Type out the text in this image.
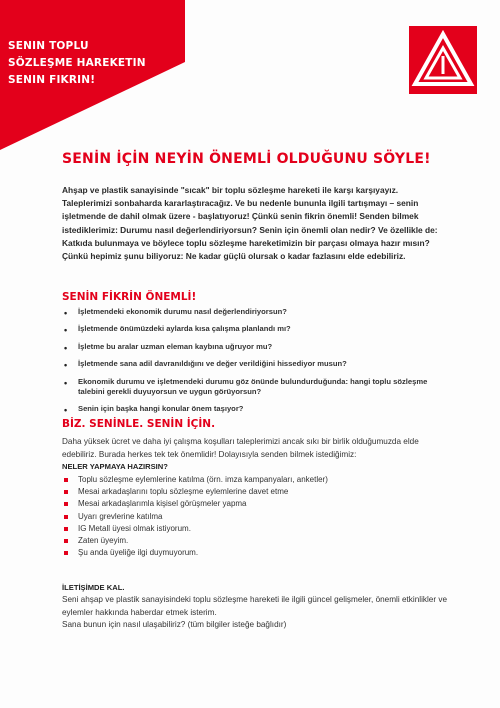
SENIN TOPLU
SÖZLEŞME HAREKETIN
SENIN FIKRIN!
SENİN İÇİN NEYİN ÖNEMLİ OLDUĞUNU SÖYLE!
Ahşap ve plastik sanayisinde "sıcak" bir toplu sözleşme hareketi ile karşı karşıyayız. Taleplerimizi sonbaharda kararlaştıracağız. Ve bu nedenle bununla ilgili tartışmayı – senin işletmende de dahil olmak üzere - başlatıyoruz! Çünkü senin fikrin önemli! Senden bilmek istediklerimiz: Durumu nasıl değerlendiriyorsun? Senin için önemli olan nedir? Ve özellikle de: Katkıda bulunmaya ve böylece toplu sözleşme hareketimizin bir parçası olmaya hazır mısın? Çünkü hepimiz şunu biliyoruz: Ne kadar güçlü olursak o kadar fazlasını elde edebiliriz.
SENİN FİKRİN ÖNEMLİ!
• İşletmendeki ekonomik durumu nasıl değerlendiriyorsun?
• İşletmende önümüzdeki aylarda kısa çalışma planlandı mı?
• İşletme bu aralar uzman eleman kaybına uğruyor mu?
• İşletmende sana adil davranıldığını ve değer verildiğini hissediyor musun?
• Ekonomik durumu ve işletmendeki durumu göz önünde bulundurduğunda: hangi toplu sözleşme talebini gerekli duyuyorsun ve uygun görüyorsun?
• Senin için başka hangi konular önem taşıyor?
BİZ. SENİNLE. SENİN İÇİN.
Daha yüksek ücret ve daha iyi çalışma koşulları taleplerimizi ancak sıkı bir birlik olduğumuzda elde edebiliriz. Burada herkes tek tek önemlidir! Dolayısıyla senden bilmek istediğimiz:
NELER YAPMAYA HAZIRSIN?
Toplu sözleşme eylemlerine katılma (örn. imza kampanyaları, anketler)
Mesai arkadaşlarını toplu sözleşme eylemlerine davet etme
Mesai arkadaşlarımla kişisel görüşmeler yapma
Uyarı grevlerine katılma
IG Metall üyesi olmak istiyorum.
Zaten üyeyim.
Şu anda üyeliğe ilgi duymuyorum.
İLETİŞİMDE KAL.
Seni ahşap ve plastik sanayisindeki toplu sözleşme hareketi ile ilgili güncel gelişmeler, önemli etkinlikler ve eylemler hakkında haberdar etmek isterim.
Sana bunun için nasıl ulaşabiliriz? (tüm bilgiler isteğe bağlıdır)
